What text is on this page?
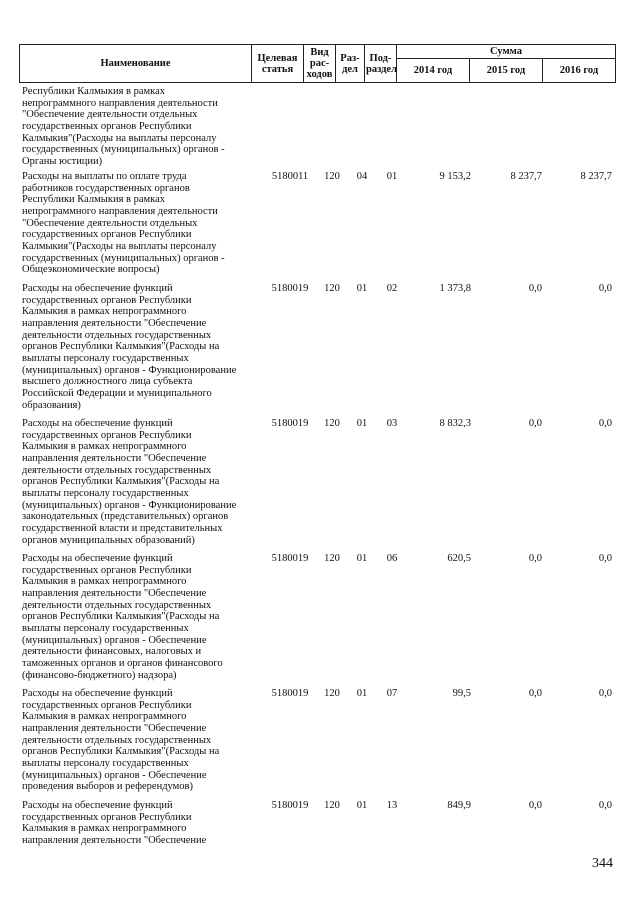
Наименование	Целевая статья	Вид рас-ходов	Раз-дел	Под-раздел	Сумма		
					2014 год	2015 год	2016 год
Республики Калмыкия в рамках
непрограммного направления деятельности
"Обеспечение деятельности отдельных
государственных органов Республики
Калмыкия"(Расходы на выплаты персоналу
государственных (муниципальных) органов -
Органы юстиции)
Расходы на выплаты по оплате труда
работников государственных органов
Республики Калмыкия в рамках
непрограммного направления деятельности
"Обеспечение деятельности отдельных
государственных органов Республики
Калмыкия"(Расходы на выплаты персоналу
государственных (муниципальных) органов -
Общеэкономические вопросы)
5180011	120	04	01	9 153,2	8 237,7	8 237,7
Расходы на обеспечение функций
государственных органов Республики
Калмыкия в рамках непрограммного
направления деятельности "Обеспечение
деятельности отдельных государственных
органов Республики Калмыкия"(Расходы на
выплаты персоналу государственных
(муниципальных) органов - Функционирование
высшего должностного лица субъекта
Российской Федерации и муниципального
образования)
5180019	120	01	02	1 373,8	0,0	0,0
Расходы на обеспечение функций
государственных органов Республики
Калмыкия в рамках непрограммного
направления деятельности "Обеспечение
деятельности отдельных государственных
органов Республики Калмыкия"(Расходы на
выплаты персоналу государственных
(муниципальных) органов - Функционирование
законодательных (представительных) органов
государственной власти и представительных
органов муниципальных образований)
5180019	120	01	03	8 832,3	0,0	0,0
Расходы на обеспечение функций
государственных органов Республики
Калмыкия в рамках непрограммного
направления деятельности "Обеспечение
деятельности отдельных государственных
органов Республики Калмыкия"(Расходы на
выплаты персоналу государственных
(муниципальных) органов - Обеспечение
деятельности финансовых, налоговых и
таможенных органов и органов финансового
(финансово-бюджетного) надзора)
5180019	120	01	06	620,5	0,0	0,0
Расходы на обеспечение функций
государственных органов Республики
Калмыкия в рамках непрограммного
направления деятельности "Обеспечение
деятельности отдельных государственных
органов Республики Калмыкия"(Расходы на
выплаты персоналу государственных
(муниципальных) органов - Обеспечение
проведения выборов и референдумов)
5180019	120	01	07	99,5	0,0	0,0
Расходы на обеспечение функций
государственных органов Республики
Калмыкия в рамках непрограммного
направления деятельности "Обеспечение
5180019	120	01	13	849,9	0,0	0,0
344
